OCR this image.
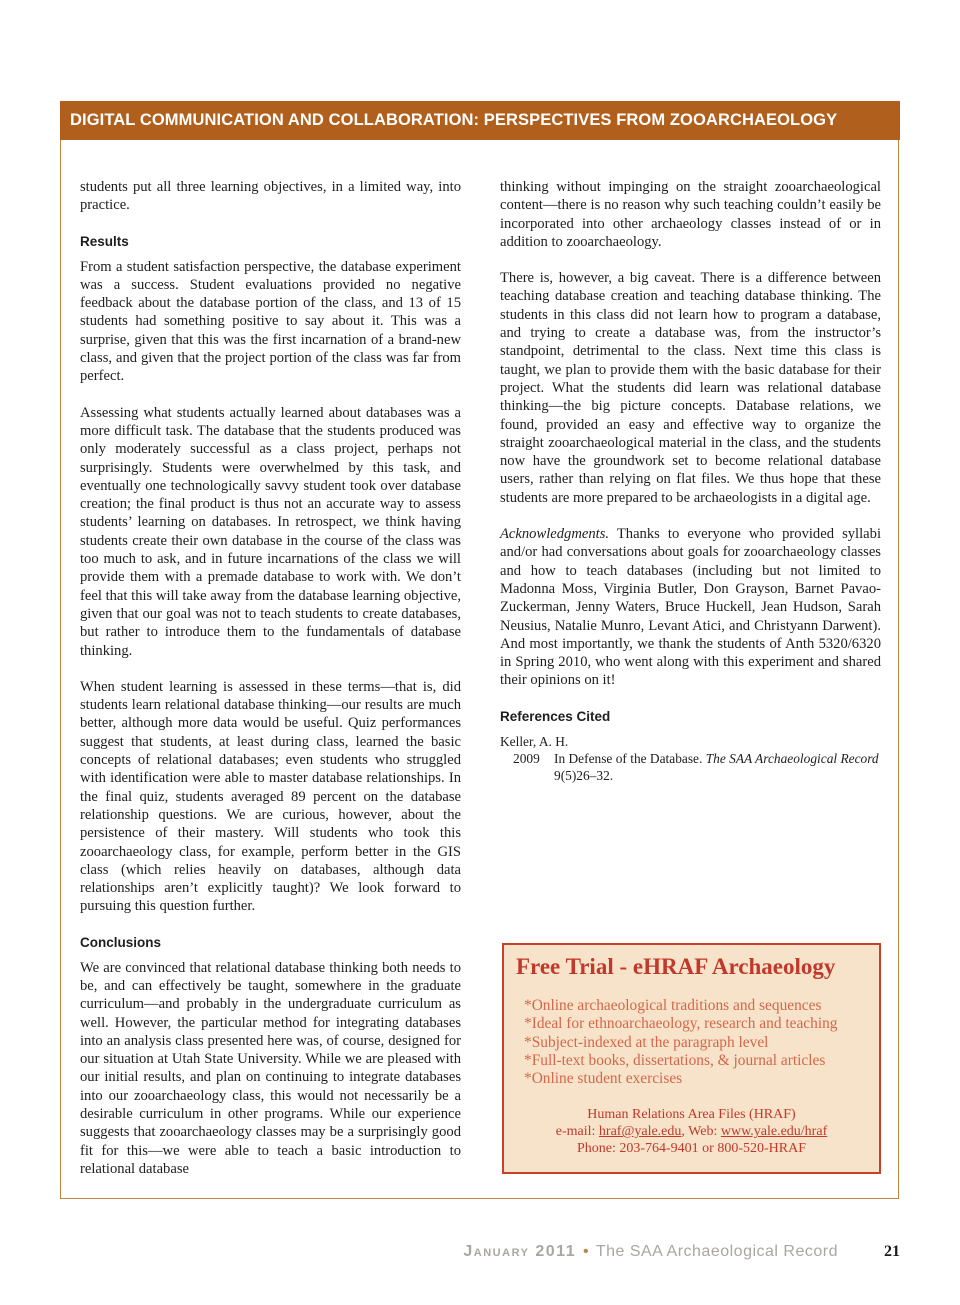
DIGITAL COMMUNICATION AND COLLABORATION: PERSPECTIVES FROM ZOOARCHAEOLOGY

students put all three learning objectives, in a limited way, into practice.

Results

From a student satisfaction perspective, the database experiment was a success. Student evaluations provided no negative feedback about the database portion of the class, and 13 of 15 students had something positive to say about it. This was a surprise, given that this was the first incarnation of a brand-new class, and given that the project portion of the class was far from perfect.

Assessing what students actually learned about databases was a more difficult task. The database that the students produced was only moderately successful as a class project, perhaps not surprisingly. Students were overwhelmed by this task, and eventually one technologically savvy student took over database creation; the final product is thus not an accurate way to assess students’ learning on databases. In retrospect, we think having students create their own database in the course of the class was too much to ask, and in future incarnations of the class we will provide them with a premade database to work with. We don’t feel that this will take away from the database learning objective, given that our goal was not to teach students to create databases, but rather to introduce them to the fundamentals of database thinking.

When student learning is assessed in these terms—that is, did students learn relational database thinking—our results are much better, although more data would be useful. Quiz performances suggest that students, at least during class, learned the basic concepts of relational databases; even students who struggled with identification were able to master database relationships. In the final quiz, students averaged 89 percent on the database relationship questions. We are curious, however, about the persistence of their mastery. Will students who took this zooarchaeology class, for example, perform better in the GIS class (which relies heavily on databases, although data relationships aren’t explicitly taught)? We look forward to pursuing this question further.

Conclusions

We are convinced that relational database thinking both needs to be, and can effectively be taught, somewhere in the graduate curriculum—and probably in the undergraduate curriculum as well. However, the particular method for integrating databases into an analysis class presented here was, of course, designed for our situation at Utah State University. While we are pleased with our initial results, and plan on continuing to integrate databases into our zooarchaeology class, this would not necessarily be a desirable curriculum in other programs. While our experience suggests that zooarchaeology classes may be a surprisingly good fit for this—we were able to teach a basic introduction to relational database

thinking without impinging on the straight zooarchaeological content—there is no reason why such teaching couldn’t easily be incorporated into other archaeology classes instead of or in addition to zooarchaeology.

There is, however, a big caveat. There is a difference between teaching database creation and teaching database thinking. The students in this class did not learn how to program a database, and trying to create a database was, from the instructor’s standpoint, detrimental to the class. Next time this class is taught, we plan to provide them with the basic database for their project. What the students did learn was relational database thinking—the big picture concepts. Database relations, we found, provided an easy and effective way to organize the straight zooarchaeological material in the class, and the students now have the groundwork set to become relational database users, rather than relying on flat files. We thus hope that these students are more prepared to be archaeologists in a digital age.

Acknowledgments. Thanks to everyone who provided syllabi and/or had conversations about goals for zooarchaeology classes and how to teach databases (including but not limited to Madonna Moss, Virginia Butler, Don Grayson, Barnet Pavao-Zuckerman, Jenny Waters, Bruce Huckell, Jean Hudson, Sarah Neusius, Natalie Munro, Levant Atici, and Christyann Darwent). And most importantly, we thank the students of Anth 5320/6320 in Spring 2010, who went along with this experiment and shared their opinions on it!

References Cited
Keller, A. H.
2009	In Defense of the Database. The SAA Archaeological Record
9(5)26–32.
Free Trial - eHRAF Archaeology
*Online archaeological traditions and sequences
*Ideal for ethnoarchaeology, research and teaching
*Subject-indexed at the paragraph level
*Full-text books, dissertations, & journal articles
*Online student exercises
Human Relations Area Files (HRAF)
e-mail: hraf@yale.edu, Web: www.yale.edu/hraf
Phone: 203-764-9401 or 800-520-HRAF
January 2011 • The SAA Archaeological Record	21
